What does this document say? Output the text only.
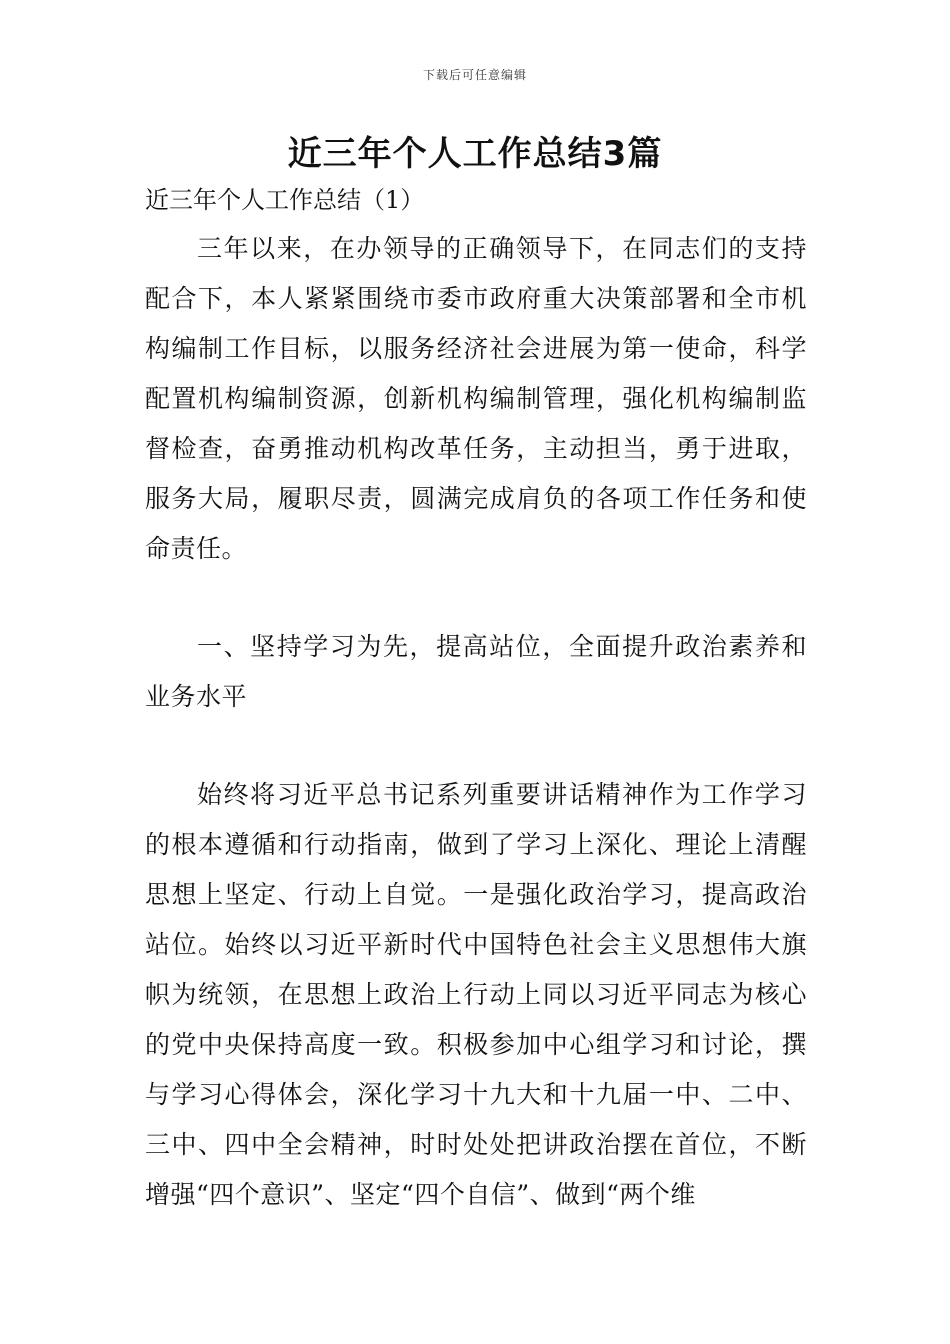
下载后可任意编辑
近三年个人工作总结3篇

近三年个人工作总结（1）

三年以来，在办领导的正确领导下，在同志们的支持配合下，本人紧紧围绕市委市政府重大决策部署和全市机构编制工作目标，以服务经济社会进展为第一使命，科学配置机构编制资源，创新机构编制管理，强化机构编制监督检查，奋勇推动机构改革任务，主动担当，勇于进取，服务大局，履职尽责，圆满完成肩负的各项工作任务和使命责任。

一、坚持学习为先，提高站位，全面提升政治素养和业务水平

始终将习近平总书记系列重要讲话精神作为工作学习的根本遵循和行动指南，做到了学习上深化、理论上清醒思想上坚定、行动上自觉。一是强化政治学习，提高政治站位。始终以习近平新时代中国特色社会主义思想伟大旗帜为统领，在思想上政治上行动上同以习近平同志为核心的党中央保持高度一致。积极参加中心组学习和讨论，撰与学习心得体会，深化学习十九大和十九届一中、二中、三中、四中全会精神，时时处处把讲政治摆在首位，不断增强“四个意识”、坚定“四个自信”、做到“两个维
